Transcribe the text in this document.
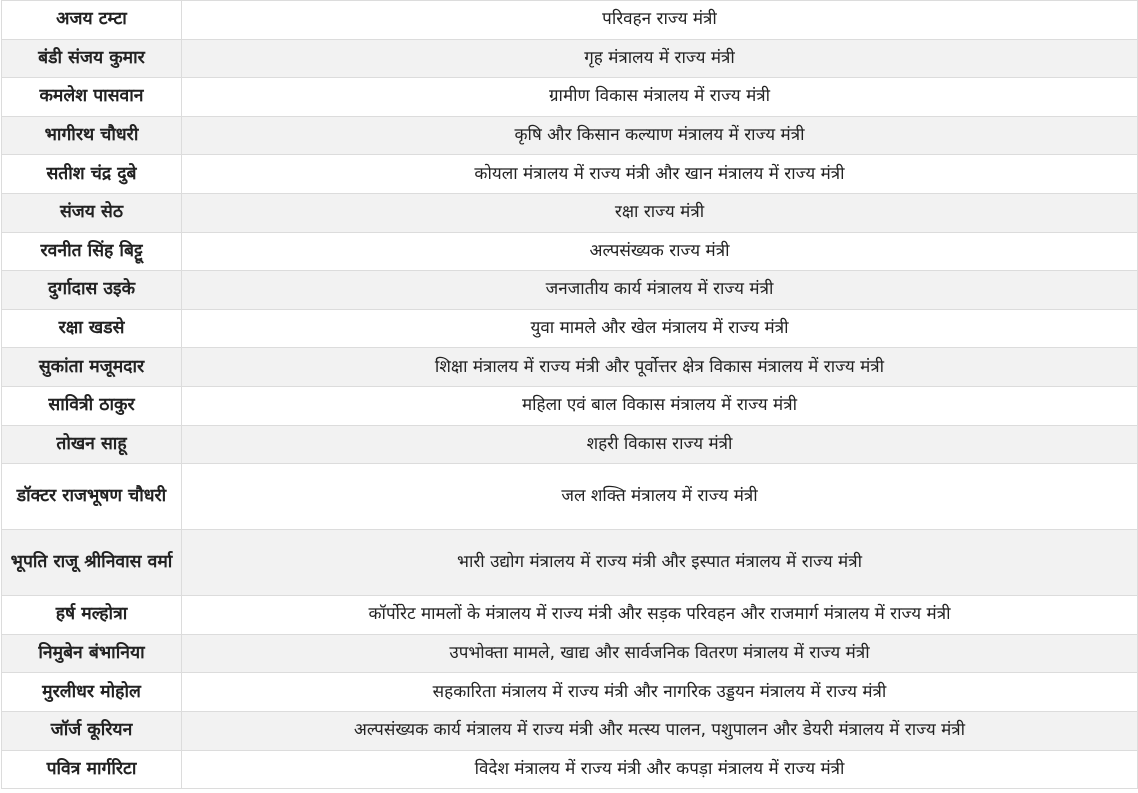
अजय टम्टा	परिवहन राज्य मंत्री
बंडी संजय कुमार	गृह मंत्रालय में राज्य मंत्री
कमलेश पासवान	ग्रामीण विकास मंत्रालय में राज्य मंत्री
भागीरथ चौधरी	कृषि और किसान कल्याण मंत्रालय में राज्य मंत्री
सतीश चंद्र दुबे	कोयला मंत्रालय में राज्य मंत्री और खान मंत्रालय में राज्य मंत्री
संजय सेठ	रक्षा राज्य मंत्री
रवनीत सिंह बिट्टू	अल्पसंख्यक राज्य मंत्री
दुर्गादास उइके	जनजातीय कार्य मंत्रालय में राज्य मंत्री
रक्षा खडसे	युवा मामले और खेल मंत्रालय में राज्य मंत्री
सुकांता मजूमदार	शिक्षा मंत्रालय में राज्य मंत्री और पूर्वोत्तर क्षेत्र विकास मंत्रालय में राज्य मंत्री
सावित्री ठाकुर	महिला एवं बाल विकास मंत्रालय में राज्य मंत्री
तोखन साहू	शहरी विकास राज्य मंत्री
डॉक्टर राजभूषण चौधरी	जल शक्ति मंत्रालय में राज्य मंत्री
भूपति राजू श्रीनिवास वर्मा	भारी उद्योग मंत्रालय में राज्य मंत्री और इस्पात मंत्रालय में राज्य मंत्री
हर्ष मल्होत्रा	कॉर्पोरेट मामलों के मंत्रालय में राज्य मंत्री और सड़क परिवहन और राजमार्ग मंत्रालय में राज्य मंत्री
निमुबेन बंभानिया	उपभोक्ता मामले, खाद्य और सार्वजनिक वितरण मंत्रालय में राज्य मंत्री
मुरलीधर मोहोल	सहकारिता मंत्रालय में राज्य मंत्री और नागरिक उड्डयन मंत्रालय में राज्य मंत्री
जॉर्ज कूरियन	अल्पसंख्यक कार्य मंत्रालय में राज्य मंत्री और मत्स्य पालन, पशुपालन और डेयरी मंत्रालय में राज्य मंत्री
पवित्र मार्गरिटा	विदेश मंत्रालय में राज्य मंत्री और कपड़ा मंत्रालय में राज्य मंत्री
